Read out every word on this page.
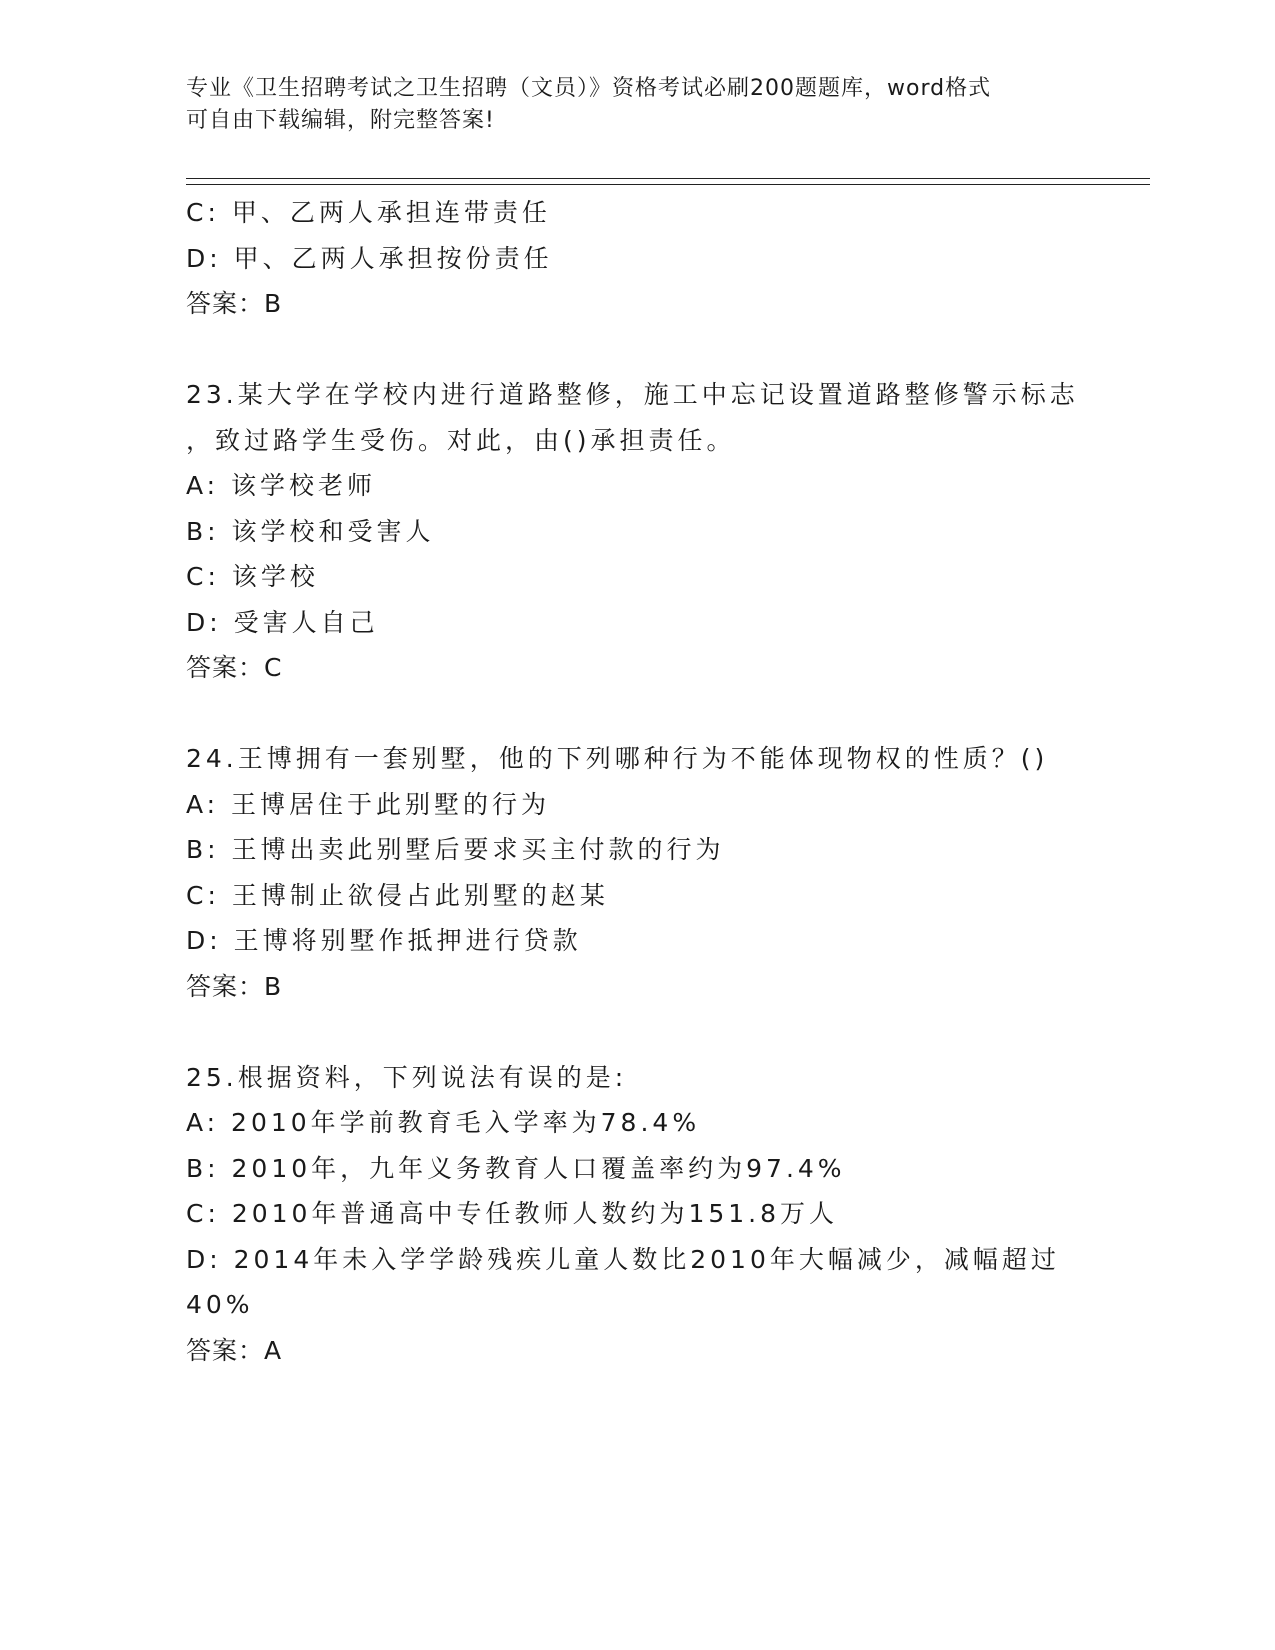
专业《卫生招聘考试之卫生招聘（文员）》资格考试必刷200题题库，word格式
可自由下载编辑，附完整答案!
C: 甲、乙两人承担连带责任
D: 甲、乙两人承担按份责任
答案：B
23.某大学在学校内进行道路整修，施工中忘记设置道路整修警示标志
，致过路学生受伤。对此，由()承担责任。
A: 该学校老师
B: 该学校和受害人
C: 该学校
D: 受害人自己
答案：C
24.王博拥有一套别墅，他的下列哪种行为不能体现物权的性质？()
A: 王博居住于此别墅的行为
B: 王博出卖此别墅后要求买主付款的行为
C: 王博制止欲侵占此别墅的赵某
D: 王博将别墅作抵押进行贷款
答案：B
25.根据资料，下列说法有误的是:
A: 2010年学前教育毛入学率为78.4%
B: 2010年，九年义务教育人口覆盖率约为97.4%
C: 2010年普通高中专任教师人数约为151.8万人
D: 2014年未入学学龄残疾儿童人数比2010年大幅减少，减幅超过
40%
答案：A
